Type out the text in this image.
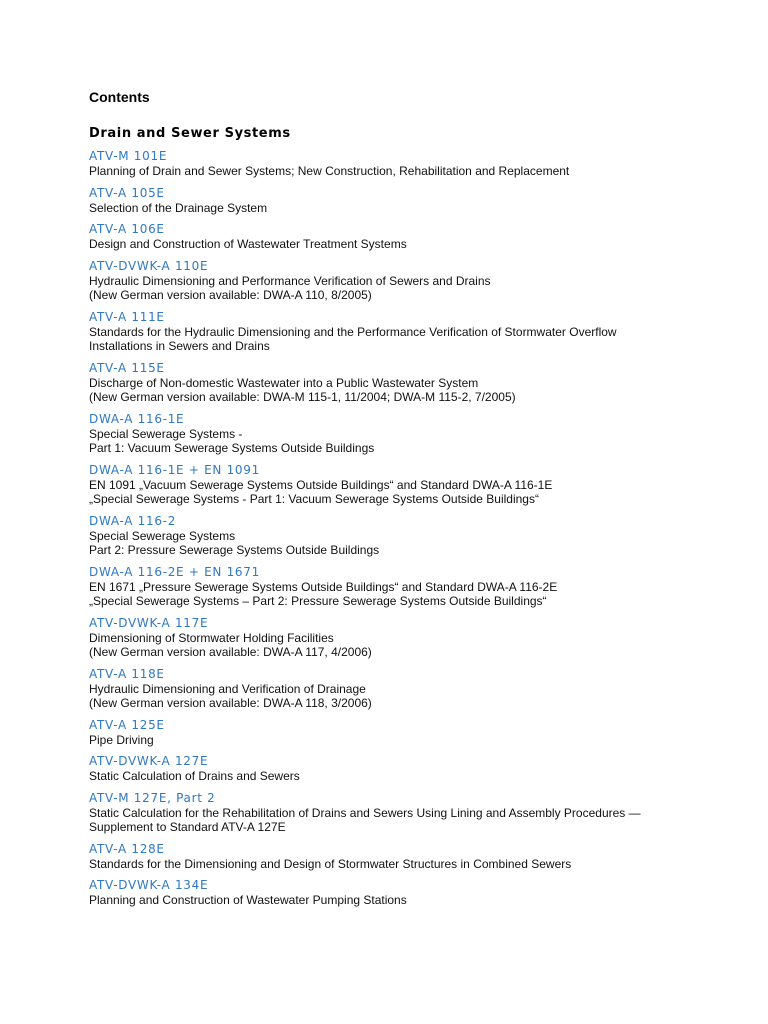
Contents
Drain and Sewer Systems
ATV-M 101E
Planning of Drain and Sewer Systems; New Construction, Rehabilitation and Replacement
ATV-A 105E
Selection of the Drainage System
ATV-A 106E
Design and Construction of Wastewater Treatment Systems
ATV-DVWK-A 110E
Hydraulic Dimensioning and Performance Verification of Sewers and Drains
(New German version available: DWA-A 110, 8/2005)
ATV-A 111E
Standards for the Hydraulic Dimensioning and the Performance Verification of Stormwater Overflow
Installations in Sewers and Drains
ATV-A 115E
Discharge of Non-domestic Wastewater into a Public Wastewater System
(New German version available: DWA-M 115-1, 11/2004; DWA-M 115-2, 7/2005)
DWA-A 116-1E
Special Sewerage Systems -
Part 1: Vacuum Sewerage Systems Outside Buildings
DWA-A 116-1E + EN 1091
EN 1091 „Vacuum Sewerage Systems Outside Buildings“ and Standard DWA-A 116-1E
„Special Sewerage Systems - Part 1: Vacuum Sewerage Systems Outside Buildings“
DWA-A 116-2
Special Sewerage Systems
Part 2: Pressure Sewerage Systems Outside Buildings
DWA-A 116-2E + EN 1671
EN 1671 „Pressure Sewerage Systems Outside Buildings“ and Standard DWA-A 116-2E
„Special Sewerage Systems – Part 2: Pressure Sewerage Systems Outside Buildings“
ATV-DVWK-A 117E
Dimensioning of Stormwater Holding Facilities
(New German version available: DWA-A 117, 4/2006)
ATV-A 118E
Hydraulic Dimensioning and Verification of Drainage
(New German version available: DWA-A 118, 3/2006)
ATV-A 125E
Pipe Driving
ATV-DVWK-A 127E
Static Calculation of Drains and Sewers
ATV-M 127E, Part 2
Static Calculation for the Rehabilitation of Drains and Sewers Using Lining and Assembly Procedures —
Supplement to Standard ATV-A 127E
ATV-A 128E
Standards for the Dimensioning and Design of Stormwater Structures in Combined Sewers
ATV-DVWK-A 134E
Planning and Construction of Wastewater Pumping Stations
